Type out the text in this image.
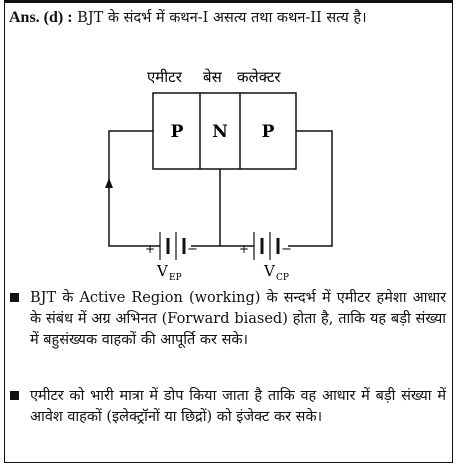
Ans. (d) : BJT के संदर्भ में कथन-I असत्य तथा कथन-II सत्य है।
एमीटर बेस कलेक्टर
P N P
+ −
V EP
+ −
V CP
BJT के Active Region (working) के सन्दर्भ में एमीटर हमेशा आधार के संबंध में अग्र अभिनत (Forward biased) होता है, ताकि यह बड़ी संख्या में बहुसंख्यक वाहकों की आपूर्ति कर सके।
एमीटर को भारी मात्रा में डोप किया जाता है ताकि वह आधार में बड़ी संख्या में आवेश वाहकों (इलेक्ट्रॉनों या छिद्रों) को इंजेक्ट कर सके।
